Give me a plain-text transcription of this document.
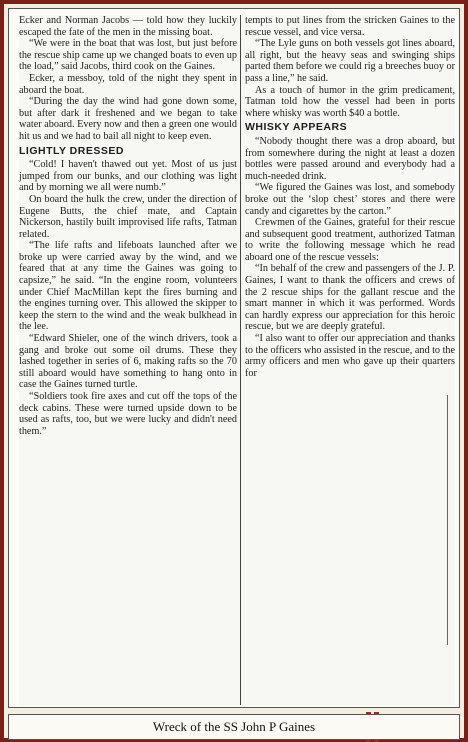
Ecker and Norman Jacobs — told how they luckily escaped the fate of the men in the missing boat.

“We were in the boat that was lost, but just before the rescue ship came up we changed boats to even up the load,” said Jacobs, third cook on the Gaines.

Ecker, a messboy, told of the night they spent in aboard the boat.

“During the day the wind had gone down some, but after dark it freshened and we began to take water aboard. Every now and then a green one would hit us and we had to bail all night to keep even.

LIGHTLY DRESSED

“Cold! I haven't thawed out yet. Most of us just jumped from our bunks, and our clothing was light and by morning we all were numb.”

On board the hulk the crew, under the direction of Eugene Butts, the chief mate, and Captain Nickerson, hastily built improvised life rafts, Tatman related.

“The life rafts and lifeboats launched after we broke up were carried away by the wind, and we feared that at any time the Gaines was going to capsize,” he said. “In the engine room, volunteers under Chief MacMillan kept the fires burning and the engines turning over. This allowed the skipper to keep the stern to the wind and the weak bulkhead in the lee.

“Edward Shieler, one of the winch drivers, took a gang and broke out some oil drums. These they lashed together in series of 6, making rafts so the 70 still aboard would have something to hang onto in case the Gaines turned turtle.

“Soldiers took fire axes and cut off the tops of the deck cabins. These were turned upside down to be used as rafts, too, but we were lucky and didn't need them.”

tempts to put lines from the stricken Gaines to the rescue vessel, and vice versa.

“The Lyle guns on both vessels got lines aboard, all right, but the heavy seas and swinging ships parted them before we could rig a breeches buoy or pass a line,” he said.

As a touch of humor in the grim predicament, Tatman told how the vessel had been in ports where whisky was worth $40 a bottle.

WHISKY APPEARS

“Nobody thought there was a drop aboard, but from somewhere during the night at least a dozen bottles were passed around and everybody had a much-needed drink.

“We figured the Gaines was lost, and somebody broke out the ‘slop chest’ stores and there were candy and cigarettes by the carton.”

Crewmen of the Gaines, grateful for their rescue and subsequent good treatment, authorized Tatman to write the following message which he read aboard one of the rescue vessels:

“In behalf of the crew and passengers of the J. P. Gaines, I want to thank the officers and crews of the 2 rescue ships for the gallant rescue and the smart manner in which it was performed. Words can hardly express our appreciation for this heroic rescue, but we are deeply grateful.

“I also want to offer our appreciation and thanks to the officers who assisted in the rescue, and to the army officers and men who gave up their quarters for

Wreck of the SS John P Gaines
